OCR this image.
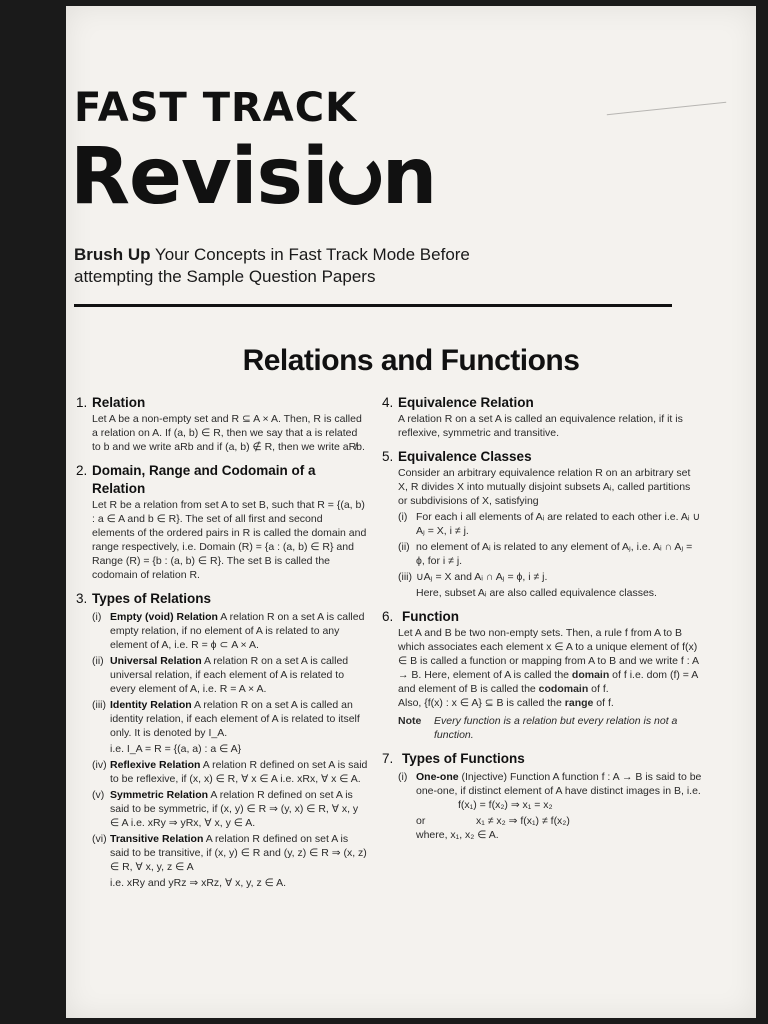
FAST TRACK
Revisi n
Brush Up Your Concepts in Fast Track Mode Before
attempting the Sample Question Papers
Relations and Functions
1. Relation

Let A be a non-empty set and R ⊆ A × A. Then, R is called a relation on A. If (a, b) ∈ R, then we say that a is related to b and we write aRb and if (a, b) ∉ R, then we write aR̸b.

2. Domain, Range and Codomain of a Relation

Let R be a relation from set A to set B, such that R = {(a, b) : a ∈ A and b ∈ R}. The set of all first and second elements of the ordered pairs in R is called the domain and range respectively, i.e. Domain (R) = {a : (a, b) ∈ R} and Range (R) = {b : (a, b) ∈ R}. The set B is called the codomain of relation R.

3. Types of Relations
(i) Empty (void) Relation A relation R on a set A is called empty relation, if no element of A is related to any element of A, i.e. R = ϕ ⊂ A × A.
(ii) Universal Relation A relation R on a set A is called universal relation, if each element of A is related to every element of A, i.e. R = A × A.
(iii) Identity Relation A relation R on a set A is called an identity relation, if each element of A is related to itself only. It is denoted by I_A.
i.e. I_A = R = {(a, a) : a ∈ A}
(iv) Reflexive Relation A relation R defined on set A is said to be reflexive, if (x, x) ∈ R, ∀ x ∈ A i.e. xRx, ∀ x ∈ A.
(v) Symmetric Relation A relation R defined on set A is said to be symmetric, if (x, y) ∈ R ⇒ (y, x) ∈ R, ∀ x, y ∈ A i.e. xRy ⇒ yRx, ∀ x, y ∈ A.
(vi) Transitive Relation A relation R defined on set A is said to be transitive, if (x, y) ∈ R and (y, z) ∈ R ⇒ (x, z) ∈ R, ∀ x, y, z ∈ A
i.e. xRy and yRz ⇒ xRz, ∀ x, y, z ∈ A.
4. Equivalence Relation

A relation R on a set A is called an equivalence relation, if it is reflexive, symmetric and transitive.

5. Equivalence Classes

Consider an arbitrary equivalence relation R on an arbitrary set X, R divides X into mutually disjoint subsets Aᵢ, called partitions or subdivisions of X, satisfying

(i) For each i all elements of Aᵢ are related to each other i.e. Aᵢ ∪ Aⱼ = X, i ≠ j.
(ii) no element of Aᵢ is related to any element of Aⱼ, i.e. Aᵢ ∩ Aⱼ = ϕ, for i ≠ j.
(iii) ∪Aⱼ = X and Aᵢ ∩ Aⱼ = ϕ, i ≠ j.
Here, subset Aᵢ are also called equivalence classes.
6. Function

Let A and B be two non-empty sets. Then, a rule f from A to B which associates each element x ∈ A to a unique element of f(x) ∈ B is called a function or mapping from A to B and we write f : A → B. Here, element of A is called the domain of f i.e. dom (f) = A and element of B is called the codomain of f.

Also, {f(x) : x ∈ A} ⊆ B is called the range of f.

Note	Every function is a relation but every relation is not a function.
7. Types of Functions
(i) One-one (Injective) Function A function f : A → B is said to be one-one, if distinct element of A have distinct images in B, i.e.
f(x₁) = f(x₂) ⇒ x₁ = x₂
or	x₁ ≠ x₂ ⇒ f(x₁) ≠ f(x₂)
where, x₁, x₂ ∈ A.
